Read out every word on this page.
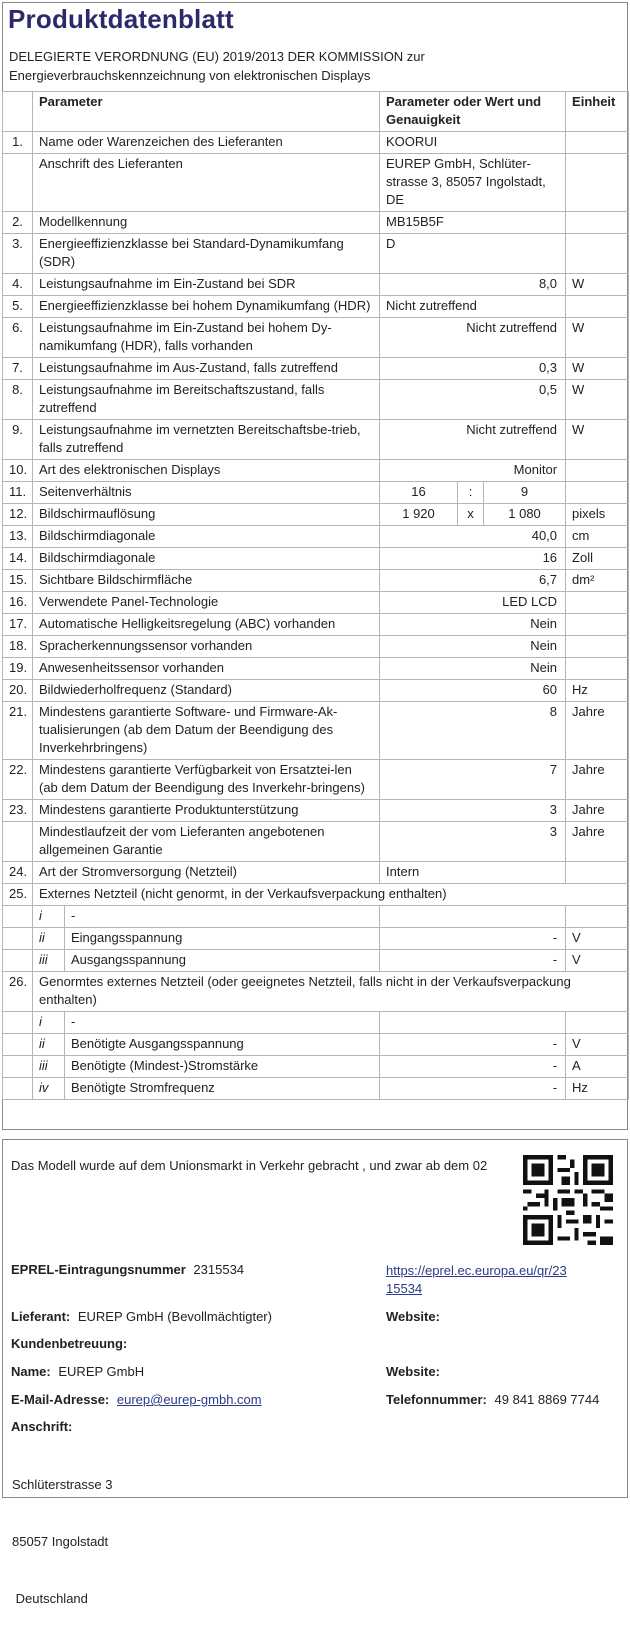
Produktdatenblatt
DELEGIERTE VERORDNUNG (EU) 2019/2013 DER KOMMISSION zur
Energieverbrauchskennzeichnung von elektronischen Displays
	Parameter		Parameter oder Wert und Genauigkeit			Einheit
1.	Name oder Warenzeichen des Lieferanten		KOORUI			
	Anschrift des Lieferanten		EUREP GmbH, Schlüter-strasse 3, 85057 Ingolstadt, DE			
2.	Modellkennung		MB15B5F			
3.	Energieeffizienzklasse bei Standard-Dynamikumfang (SDR)		D			
4.	Leistungsaufnahme im Ein-Zustand bei SDR		8,0			W
5.	Energieeffizienzklasse bei hohem Dynamikumfang (HDR)		Nicht zutreffend			
6.	Leistungsaufnahme im Ein-Zustand bei hohem Dy-namikumfang (HDR), falls vorhanden		Nicht zutreffend			W
7.	Leistungsaufnahme im Aus-Zustand, falls zutreffend		0,3			W
8.	Leistungsaufnahme im Bereitschaftszustand, falls zutreffend		0,5			W
9.	Leistungsaufnahme im vernetzten Bereitschaftsbe-trieb, falls zutreffend		Nicht zutreffend			W
10.	Art des elektronischen Displays		Monitor			
11.	Seitenverhältnis		16	:	9	
12.	Bildschirmauflösung		1 920	x	1 080	pixels
13.	Bildschirmdiagonale		40,0			cm
14.	Bildschirmdiagonale		16			Zoll
15.	Sichtbare Bildschirmfläche		6,7			dm²
16.	Verwendete Panel-Technologie		LED LCD			
17.	Automatische Helligkeitsregelung (ABC) vorhanden		Nein			
18.	Spracherkennungssensor vorhanden		Nein			
19.	Anwesenheitssensor vorhanden		Nein			
20.	Bildwiederholfrequenz (Standard)		60			Hz
21.	Mindestens garantierte Software- und Firmware-Ak-tualisierungen (ab dem Datum der Beendigung des Inverkehrbringens)		8			Jahre
22.	Mindestens garantierte Verfügbarkeit von Ersatztei-len (ab dem Datum der Beendigung des Inverkehr-bringens)		7			Jahre
23.	Mindestens garantierte Produktunterstützung		3			Jahre
	Mindestlaufzeit der vom Lieferanten angebotenen allgemeinen Garantie		3			Jahre
24.	Art der Stromversorgung (Netzteil)		Intern			
25.	Externes Netzteil (nicht genormt, in der Verkaufsverpackung enthalten)					
	i	-				
	ii	Eingangsspannung	-			V
	iii	Ausgangsspannung	-			V
26.	Genormtes externes Netzteil (oder geeignetes Netzteil, falls nicht in der Verkaufsverpackung enthalten)					
	i	-				
	ii	Benötigte Ausgangsspannung	-			V
	iii	Benötigte (Mindest-)Stromstärke	-			A
	iv	Benötigte Stromfrequenz	-			Hz
Das Modell wurde auf dem Unionsmarkt in Verkehr gebracht , und zwar ab dem 02
EPREL-Eintragungsnummer 2315534	https://eprel.ec.europa.eu/qr/23
15534
Lieferant: EUREP GmbH (Bevollmächtigter)	Website:
Kundenbetreuung:
Name: EUREP GmbH	Website:
E-Mail-Adresse: eurep@eurep-gmbh.com	Telefonnummer: 49 841 8869 7744
Anschrift:

Schlüterstrasse 3

85057 Ingolstadt

Deutschland
